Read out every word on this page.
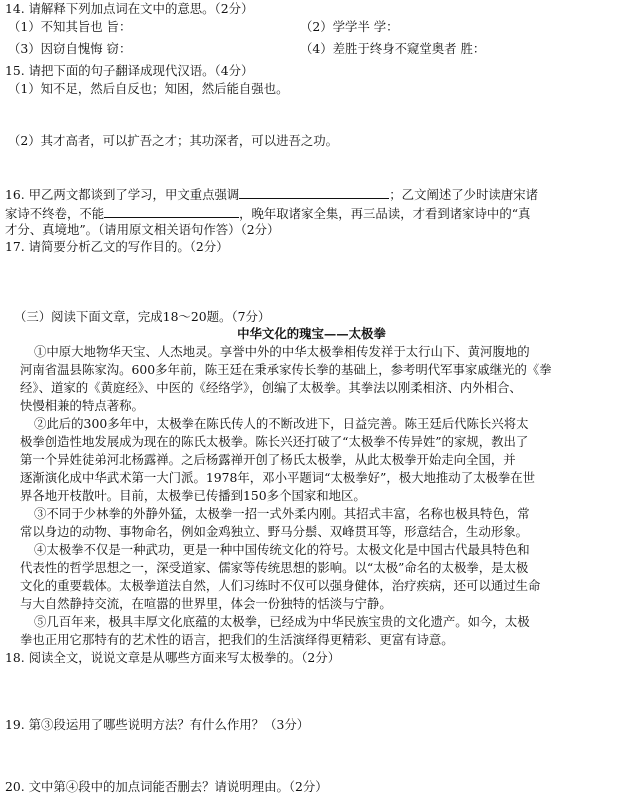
14. 请解释下列加点词在文中的意思。（2分）
（1）不知其旨也 旨：	（2）学学半 学：
（3）因窃自愧悔 窃：	（4）差胜于终身不窥堂奥者 胜：
15. 请把下面的句子翻译成现代汉语。（4分）
（1）知不足，然后自反也；知困，然后能自强也。
（2）其才高者，可以扩吾之才；其功深者，可以进吾之功。
16. 甲乙两文都谈到了学习，甲文重点强调	；乙文阐述了少时读唐宋诸
家诗不终卷，不能	，晚年取诸家全集，再三品读，才看到诸家诗中的“真
才分、真境地”。（请用原文相关语句作答）（2分）
17. 请简要分析乙文的写作目的。（2分）
（三）阅读下面文章，完成18～20题。（7分）
中华文化的瑰宝——太极拳
①中原大地物华天宝、人杰地灵。享誉中外的中华太极拳相传发祥于太行山下、黄河腹地的
河南省温县陈家沟。600多年前，陈王廷在秉承家传长拳的基础上，参考明代军事家戚继光的《拳
经》、道家的《黄庭经》、中医的《经络学》，创编了太极拳。其拳法以刚柔相济、内外相合、
快慢相兼的特点著称。
②此后的300多年中，太极拳在陈氏传人的不断改进下，日益完善。陈王廷后代陈长兴将太
极拳创造性地发展成为现在的陈氏太极拳。陈长兴还打破了“太极拳不传异姓”的家规，教出了
第一个异姓徒弟河北杨露禅。之后杨露禅开创了杨氏太极拳，从此太极拳开始走向全国，并
逐渐演化成中华武术第一大门派。1978年，邓小平题词“太极拳好”，极大地推动了太极拳在世
界各地开枝散叶。目前，太极拳已传播到150多个国家和地区。
③不同于少林拳的外静外猛，太极拳一招一式外柔内刚。其招式丰富，名称也极具特色，常
常以身边的动物、事物命名，例如金鸡独立、野马分鬃、双峰贯耳等，形意结合，生动形象。
④太极拳不仅是一种武功，更是一种中国传统文化的符号。太极文化是中国古代最具特色和
代表性的哲学思想之一，深受道家、儒家等传统思想的影响。以“太极”命名的太极拳，是太极
文化的重要载体。太极拳道法自然，人们习练时不仅可以强身健体，治疗疾病，还可以通过生命
与大自然静持交流，在喧嚣的世界里，体会一份独特的恬淡与宁静。
⑤几百年来，极具丰厚文化底蕴的太极拳，已经成为中华民族宝贵的文化遗产。如今，太极
拳也正用它那特有的艺术性的语言，把我们的生活演绎得更精彩、更富有诗意。
18. 阅读全文，说说文章是从哪些方面来写太极拳的。（2分）
19. 第③段运用了哪些说明方法？有什么作用？（3分）
20. 文中第④段中的加点词能否删去？请说明理由。（2分）
